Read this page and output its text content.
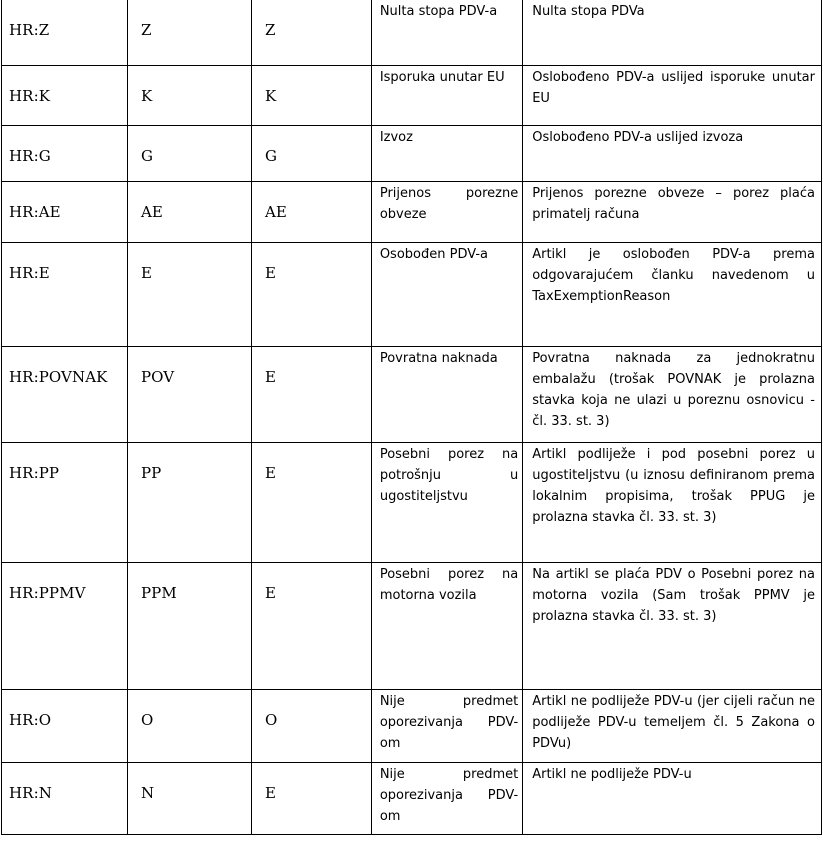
HR:Z	Z	Z	Nulta stopa PDV-a	Nulta stopa PDVa
HR:K	K	K	Isporuka unutar EU	Oslobođeno PDV-a uslijed isporuke unutar EU
HR:G	G	G	Izvoz	Oslobođeno PDV-a uslijed izvoza
HR:AE	AE	AE	Prijenos porezne obveze	Prijenos porezne obveze – porez plaća primatelj računa
HR:E	E	E	Osobođen PDV-a	Artikl je oslobođen PDV-a prema odgovarajućem članku navedenom u TaxExemptionReason
HR:POVNAK	POV	E	Povratna naknada	Povratna naknada za jednokratnu embalažu (trošak POVNAK je prolazna stavka koja ne ulazi u poreznu osnovicu - čl. 33. st. 3)
HR:PP	PP	E	Posebni porez na potrošnju u ugostiteljstvu	Artikl podliježe i pod posebni porez u ugostiteljstvu (u iznosu definiranom prema lokalnim propisima, trošak PPUG je prolazna stavka čl. 33. st. 3)
HR:PPMV	PPM	E	Posebni porez na motorna vozila	Na artikl se plaća PDV o Posebni porez na motorna vozila (Sam trošak PPMV je prolazna stavka čl. 33. st. 3)
HR:O	O	O	Nije predmet oporezivanja PDV- om	Artikl ne podliježe PDV-u (jer cijeli račun ne podliježe PDV-u temeljem čl. 5 Zakona o PDVu)
HR:N	N	E	Nije predmet oporezivanja PDV- om	Artikl ne podliježe PDV-u
